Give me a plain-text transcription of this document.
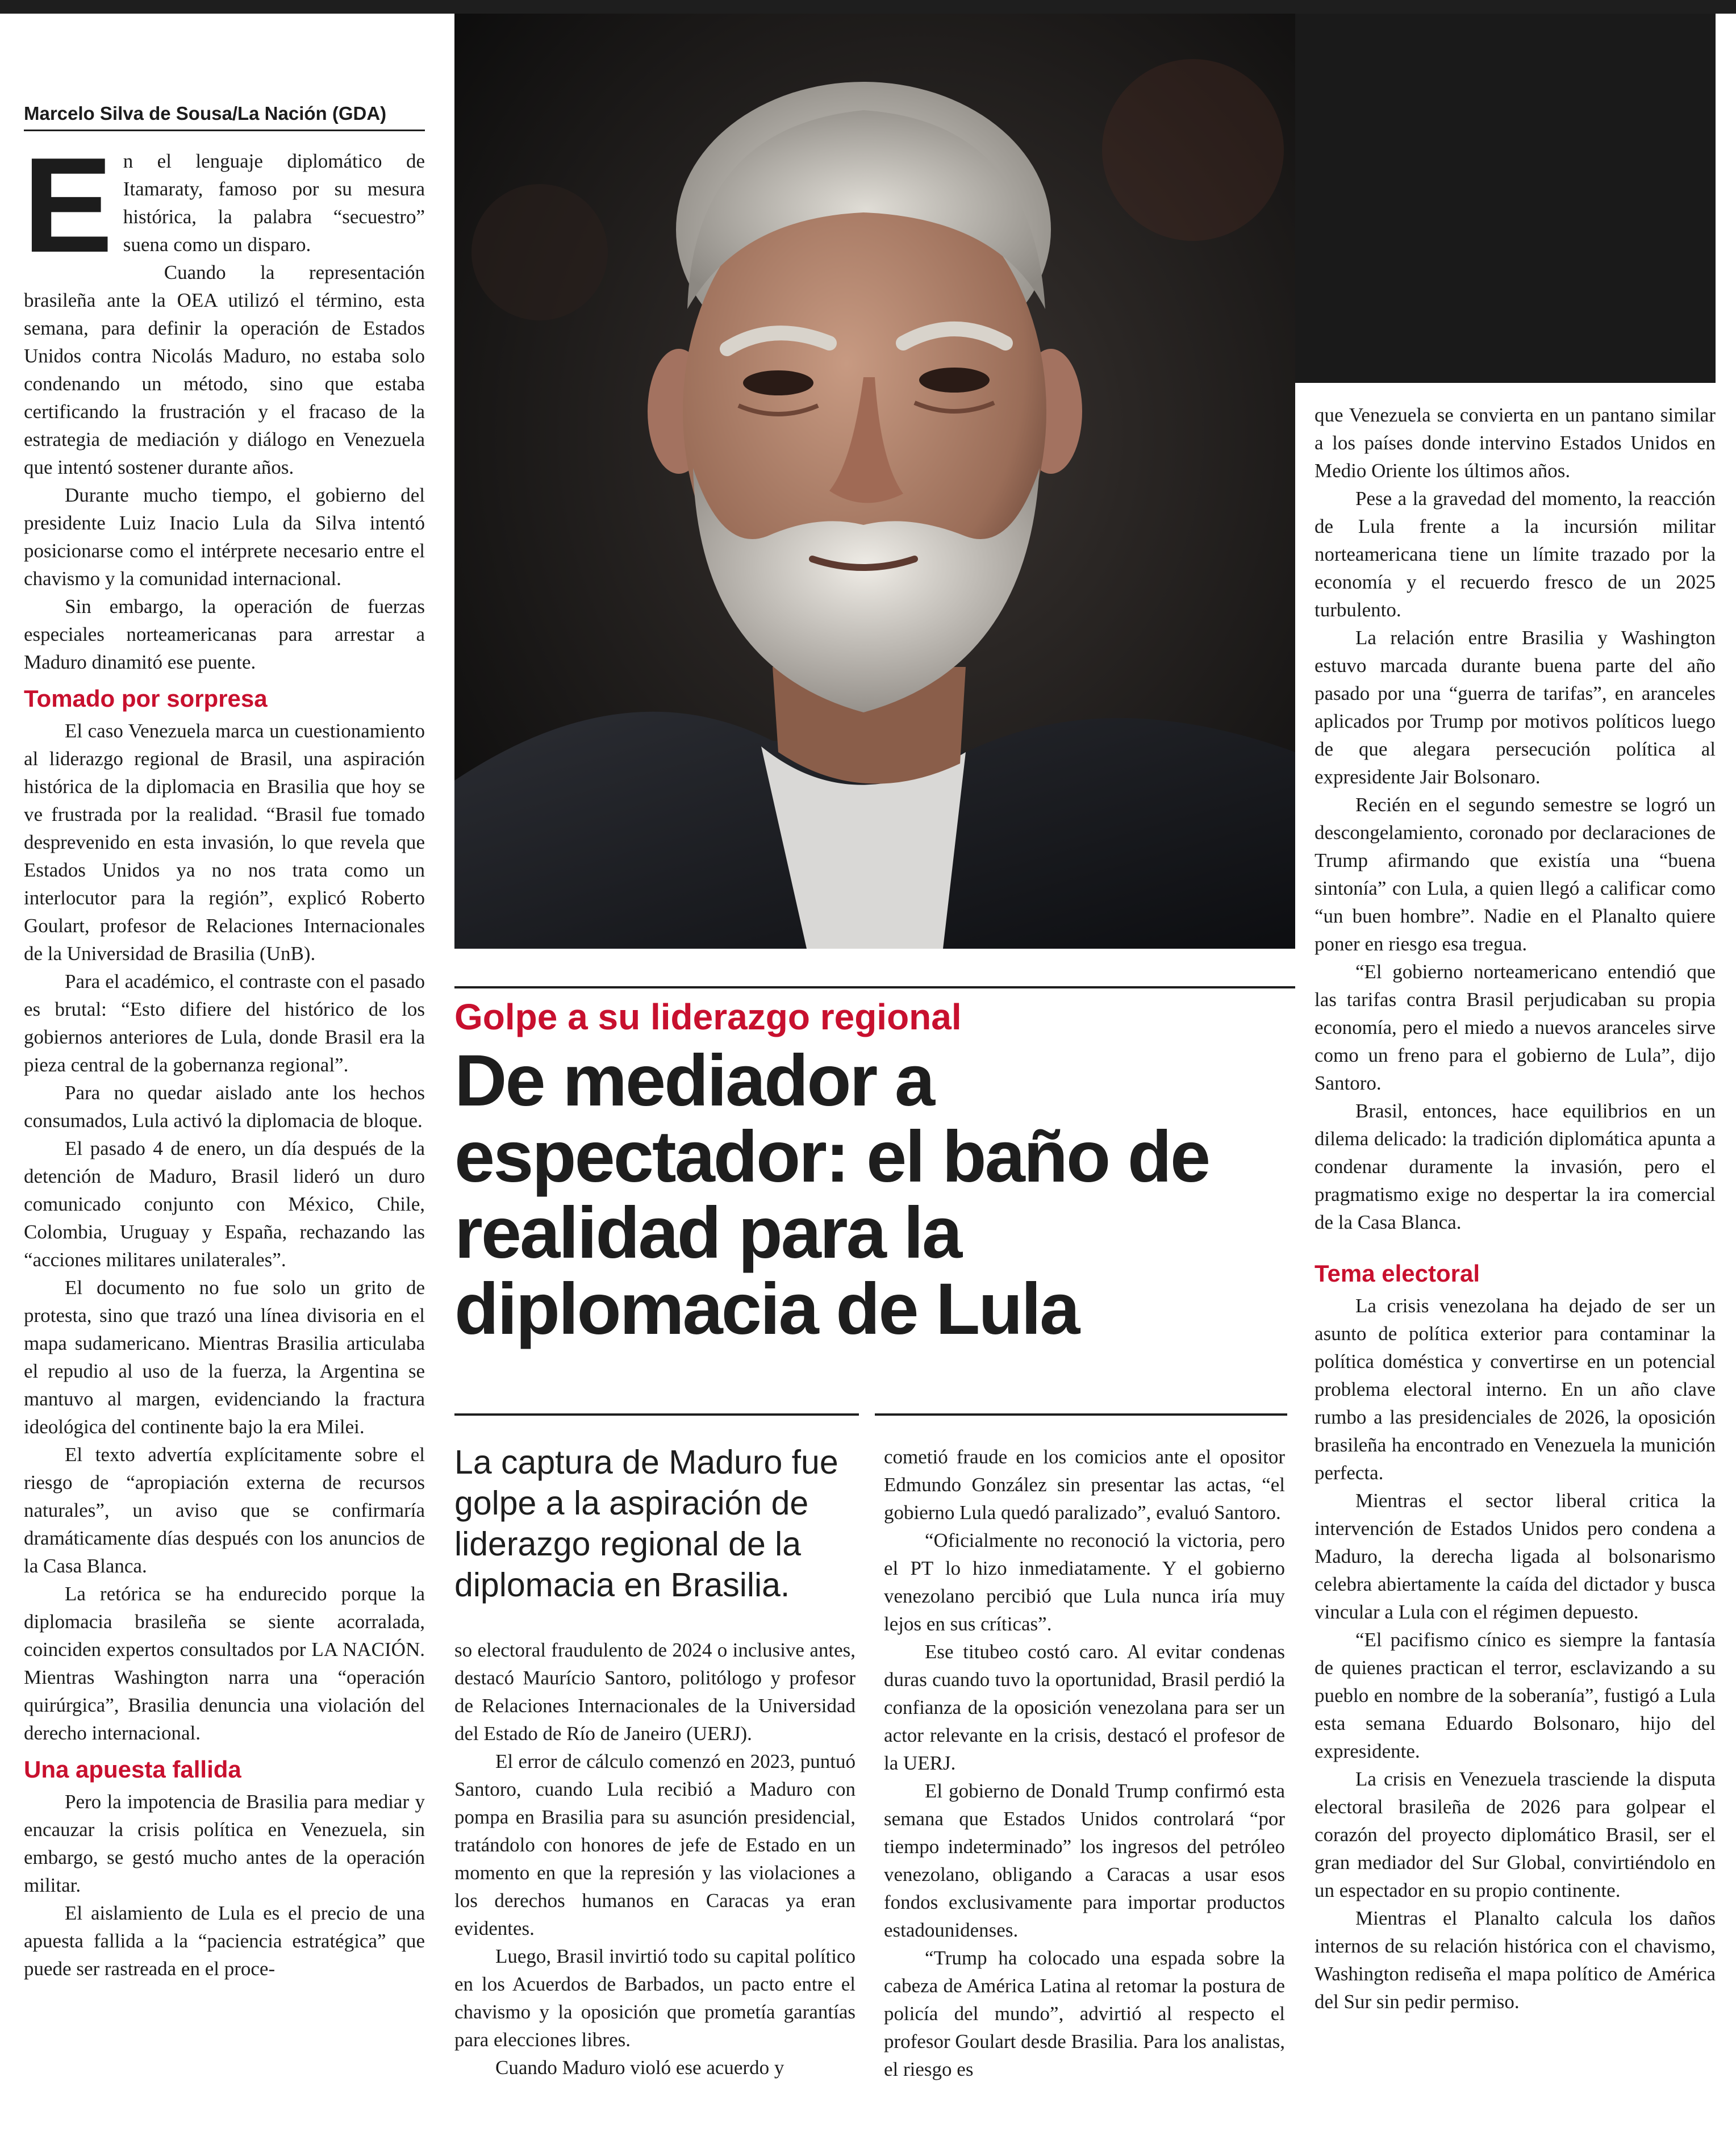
Marcelo Silva de Sousa/La Nación (GDA)

En el lenguaje diplomático de Itamaraty, famoso por su mesura histórica, la palabra “secuestro” suena como un disparo.

Cuando la representación brasileña ante la OEA utilizó el término, esta semana, para definir la operación de Estados Unidos contra Nicolás Maduro, no estaba solo condenando un método, sino que estaba certificando la frustración y el fracaso de la estrategia de mediación y diálogo en Venezuela que intentó sostener durante años.

Durante mucho tiempo, el gobierno del presidente Luiz Inacio Lula da Silva intentó posicionarse como el intérprete necesario entre el chavismo y la comunidad internacional.

Sin embargo, la operación de fuerzas especiales norteamericanas para arrestar a Maduro dinamitó ese puente.

Tomado por sorpresa

El caso Venezuela marca un cuestionamiento al liderazgo regional de Brasil, una aspiración histórica de la diplomacia en Brasilia que hoy se ve frustrada por la realidad. “Brasil fue tomado desprevenido en esta invasión, lo que revela que Estados Unidos ya no nos trata como un interlocutor para la región”, explicó Roberto Goulart, profesor de Relaciones Internacionales de la Universidad de Brasilia (UnB).

Para el académico, el contraste con el pasado es brutal: “Esto difiere del histórico de los gobiernos anteriores de Lula, donde Brasil era la pieza central de la gobernanza regional”.

Para no quedar aislado ante los hechos consumados, Lula activó la diplomacia de bloque.

El pasado 4 de enero, un día después de la detención de Maduro, Brasil lideró un duro comunicado conjunto con México, Chile, Colombia, Uruguay y España, rechazando las “acciones militares unilaterales”.

El documento no fue solo un grito de protesta, sino que trazó una línea divisoria en el mapa sudamericano. Mientras Brasilia articulaba el repudio al uso de la fuerza, la Argentina se mantuvo al margen, evidenciando la fractura ideológica del continente bajo la era Milei.

El texto advertía explícitamente sobre el riesgo de “apropiación externa de recursos naturales”, un aviso que se confirmaría dramáticamente días después con los anuncios de la Casa Blanca.

La retórica se ha endurecido porque la diplomacia brasileña se siente acorralada, coinciden expertos consultados por LA NACIÓN. Mientras Washington narra una “operación quirúrgica”, Brasilia denuncia una violación del derecho internacional.

Una apuesta fallida

Pero la impotencia de Brasilia para mediar y encauzar la crisis política en Venezuela, sin embargo, se gestó mucho antes de la operación militar.

El aislamiento de Lula es el precio de una apuesta fallida a la “paciencia estratégica” que puede ser rastreada en el proce-

Golpe a su liderazgo regional
De mediador a espectador: el baño de realidad para la diplomacia de Lula
La captura de Maduro fue golpe a la aspiración de liderazgo regional de la diplomacia en Brasilia.

so electoral fraudulento de 2024 o inclusive antes, destacó Maurício Santoro, politólogo y profesor de Relaciones Internacionales de la Universidad del Estado de Río de Janeiro (UERJ).

El error de cálculo comenzó en 2023, puntuó Santoro, cuando Lula recibió a Maduro con pompa en Brasilia para su asunción presidencial, tratándolo con honores de jefe de Estado en un momento en que la represión y las violaciones a los derechos humanos en Caracas ya eran evidentes.

Luego, Brasil invirtió todo su capital político en los Acuerdos de Barbados, un pacto entre el chavismo y la oposición que prometía garantías para elecciones libres.

Cuando Maduro violó ese acuerdo y

cometió fraude en los comicios ante el opositor Edmundo González sin presentar las actas, “el gobierno Lula quedó paralizado”, evaluó Santoro.

“Oficialmente no reconoció la victoria, pero el PT lo hizo inmediatamente. Y el gobierno venezolano percibió que Lula nunca iría muy lejos en sus críticas”.

Ese titubeo costó caro. Al evitar condenas duras cuando tuvo la oportunidad, Brasil perdió la confianza de la oposición venezolana para ser un actor relevante en la crisis, destacó el profesor de la UERJ.

El gobierno de Donald Trump confirmó esta semana que Estados Unidos controlará “por tiempo indeterminado” los ingresos del petróleo venezolano, obligando a Caracas a usar esos fondos exclusivamente para importar productos estadounidenses.

“Trump ha colocado una espada sobre la cabeza de América Latina al retomar la postura de policía del mundo”, advirtió al respecto el profesor Goulart desde Brasilia. Para los analistas, el riesgo es

que Venezuela se convierta en un pantano similar a los países donde intervino Estados Unidos en Medio Oriente los últimos años.

Pese a la gravedad del momento, la reacción de Lula frente a la incursión militar norteamericana tiene un límite trazado por la economía y el recuerdo fresco de un 2025 turbulento.

La relación entre Brasilia y Washington estuvo marcada durante buena parte del año pasado por una “guerra de tarifas”, en aranceles aplicados por Trump por motivos políticos luego de que alegara persecución política al expresidente Jair Bolsonaro.

Recién en el segundo semestre se logró un descongelamiento, coronado por declaraciones de Trump afirmando que existía una “buena sintonía” con Lula, a quien llegó a calificar como “un buen hombre”. Nadie en el Planalto quiere poner en riesgo esa tregua.

“El gobierno norteamericano entendió que las tarifas contra Brasil perjudicaban su propia economía, pero el miedo a nuevos aranceles sirve como un freno para el gobierno de Lula”, dijo Santoro.

Brasil, entonces, hace equilibrios en un dilema delicado: la tradición diplomática apunta a condenar duramente la invasión, pero el pragmatismo exige no despertar la ira comercial de la Casa Blanca.

Tema electoral

La crisis venezolana ha dejado de ser un asunto de política exterior para contaminar la política doméstica y convertirse en un potencial problema electoral interno. En un año clave rumbo a las presidenciales de 2026, la oposición brasileña ha encontrado en Venezuela la munición perfecta.

Mientras el sector liberal critica la intervención de Estados Unidos pero condena a Maduro, la derecha ligada al bolsonarismo celebra abiertamente la caída del dictador y busca vincular a Lula con el régimen depuesto.

“El pacifismo cínico es siempre la fantasía de quienes practican el terror, esclavizando a su pueblo en nombre de la soberanía”, fustigó a Lula esta semana Eduardo Bolsonaro, hijo del expresidente.

La crisis en Venezuela trasciende la disputa electoral brasileña de 2026 para golpear el corazón del proyecto diplomático Brasil, ser el gran mediador del Sur Global, convirtiéndolo en un espectador en su propio continente.

Mientras el Planalto calcula los daños internos de su relación histórica con el chavismo, Washington rediseña el mapa político de América del Sur sin pedir permiso.
